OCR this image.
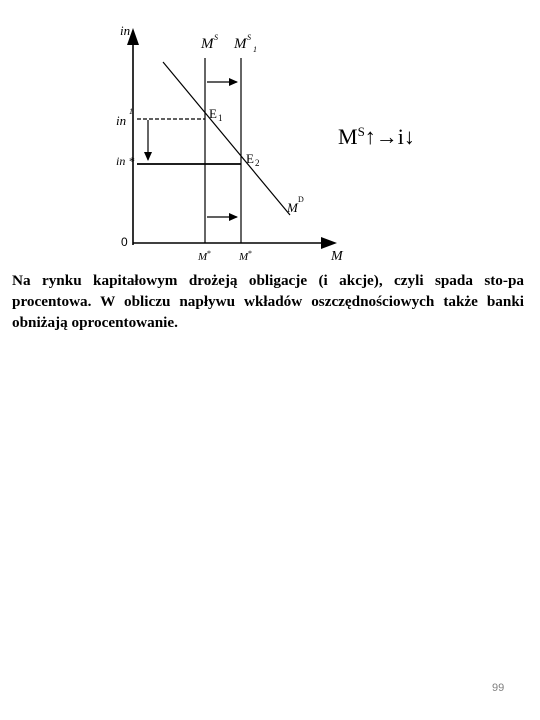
in
M S M S
1
in
1
in *
E 1
E 2
M
D
0
M *	M *	M
$M^S↑\to i↓$
Na rynku kapitałowym drożeją obligacje (i akcje), czyli spada sto-pa procentowa. W obliczu napływu wkładów oszczędnościowych także banki obniżają oprocentowanie.
99
